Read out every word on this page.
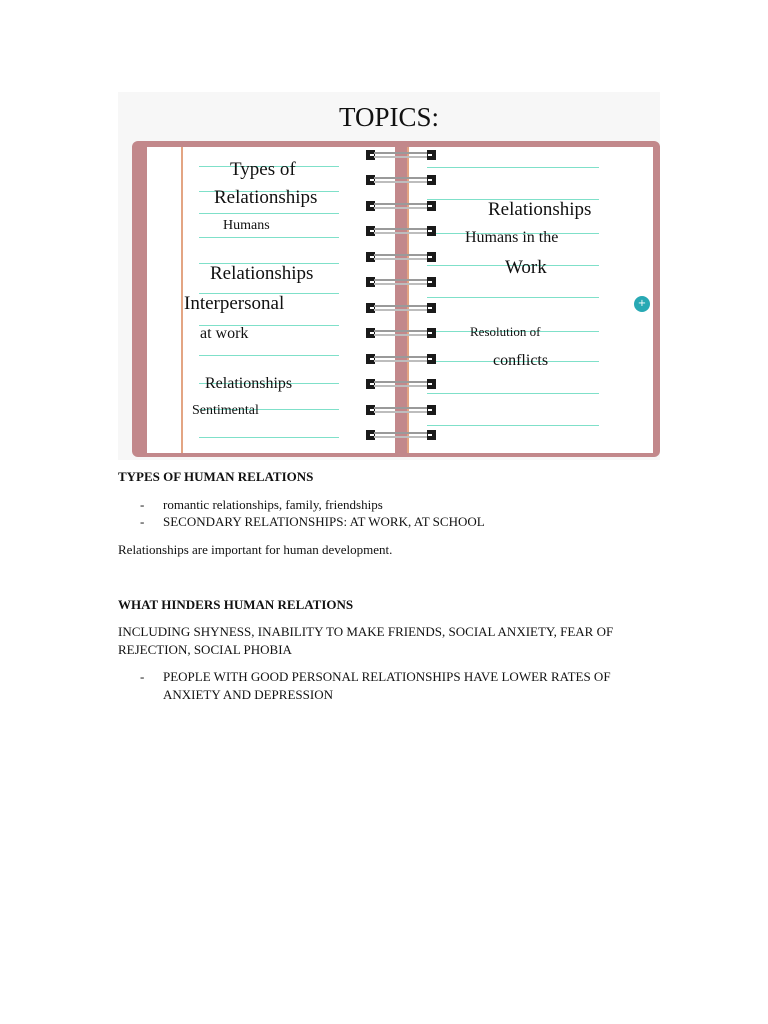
TOPICS:
Types of
Relationships
Humans
Relationships
Interpersonal
at work
Relationships
Sentimental
Relationships
Humans in the
Work
Resolution of
conflicts
+
TYPES OF HUMAN RELATIONS
- romantic relationships, family, friendships
- SECONDARY RELATIONSHIPS: AT WORK, AT SCHOOL
Relationships are important for human development.
WHAT HINDERS HUMAN RELATIONS
INCLUDING SHYNESS, INABILITY TO MAKE FRIENDS, SOCIAL ANXIETY, FEAR OF REJECTION, SOCIAL PHOBIA
- PEOPLE WITH GOOD PERSONAL RELATIONSHIPS HAVE LOWER RATES OF ANXIETY AND DEPRESSION
